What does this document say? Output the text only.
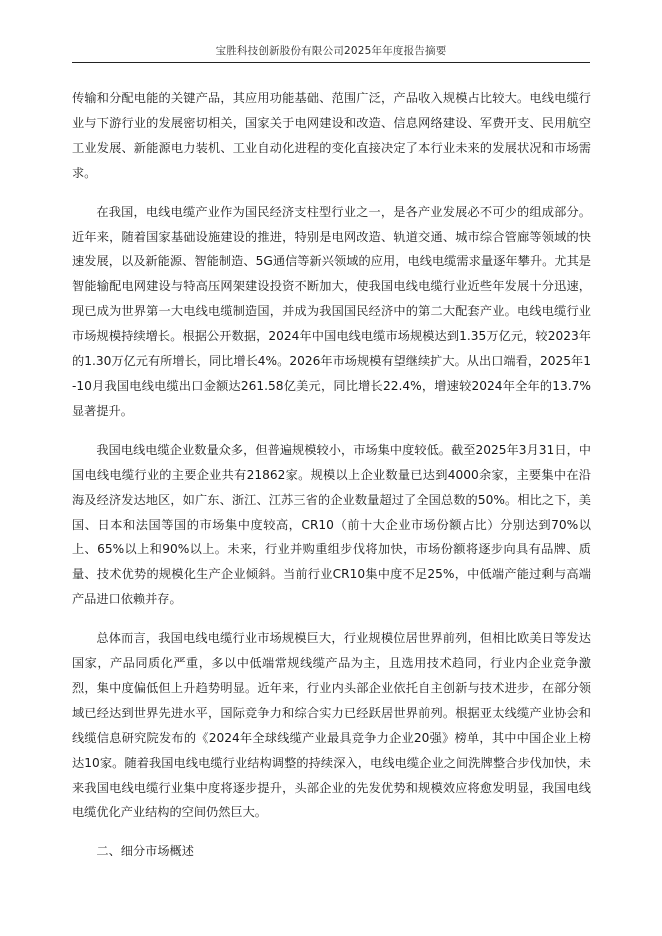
宝胜科技创新股份有限公司2025年年度报告摘要

传输和分配电能的关键产品，其应用功能基础、范围广泛，产品收入规模占比较大。电线电缆行业与下游行业的发展密切相关，国家关于电网建设和改造、信息网络建设、军费开支、民用航空工业发展、新能源电力装机、工业自动化进程的变化直接决定了本行业未来的发展状况和市场需求。

在我国，电线电缆产业作为国民经济支柱型行业之一，是各产业发展必不可少的组成部分。近年来，随着国家基础设施建设的推进，特别是电网改造、轨道交通、城市综合管廊等领域的快速发展，以及新能源、智能制造、5G通信等新兴领域的应用，电线电缆需求量逐年攀升。尤其是智能输配电网建设与特高压网架建设投资不断加大，使我国电线电缆行业近些年发展十分迅速，现已成为世界第一大电线电缆制造国，并成为我国国民经济中的第二大配套产业。电线电缆行业市场规模持续增长。根据公开数据，2024年中国电线电缆市场规模达到1.35万亿元，较2023年的1.30万亿元有所增长，同比增长4%。2026年市场规模有望继续扩大。从出口端看，2025年1-10月我国电线电缆出口金额达261.58亿美元，同比增长22.4%，增速较2024年全年的13.7%显著提升。

我国电线电缆企业数量众多，但普遍规模较小，市场集中度较低。截至2025年3月31日，中国电线电缆行业的主要企业共有21862家。规模以上企业数量已达到4000余家，主要集中在沿海及经济发达地区，如广东、浙江、江苏三省的企业数量超过了全国总数的50%。相比之下，美国、日本和法国等国的市场集中度较高，CR10（前十大企业市场份额占比）分别达到70%以上、65%以上和90%以上。未来，行业并购重组步伐将加快，市场份额将逐步向具有品牌、质量、技术优势的规模化生产企业倾斜。当前行业CR10集中度不足25%，中低端产能过剩与高端产品进口依赖并存。

总体而言，我国电线电缆行业市场规模巨大，行业规模位居世界前列，但相比欧美日等发达国家，产品同质化严重，多以中低端常规线缆产品为主，且选用技术趋同，行业内企业竞争激烈，集中度偏低但上升趋势明显。近年来，行业内头部企业依托自主创新与技术进步，在部分领域已经达到世界先进水平，国际竞争力和综合实力已经跃居世界前列。根据亚太线缆产业协会和线缆信息研究院发布的《2024年全球线缆产业最具竞争力企业20强》榜单，其中中国企业上榜达10家。随着我国电线电缆行业结构调整的持续深入，电线电缆企业之间洗牌整合步伐加快，未来我国电线电缆行业集中度将逐步提升，头部企业的先发优势和规模效应将愈发明显，我国电线电缆优化产业结构的空间仍然巨大。

二、细分市场概述
